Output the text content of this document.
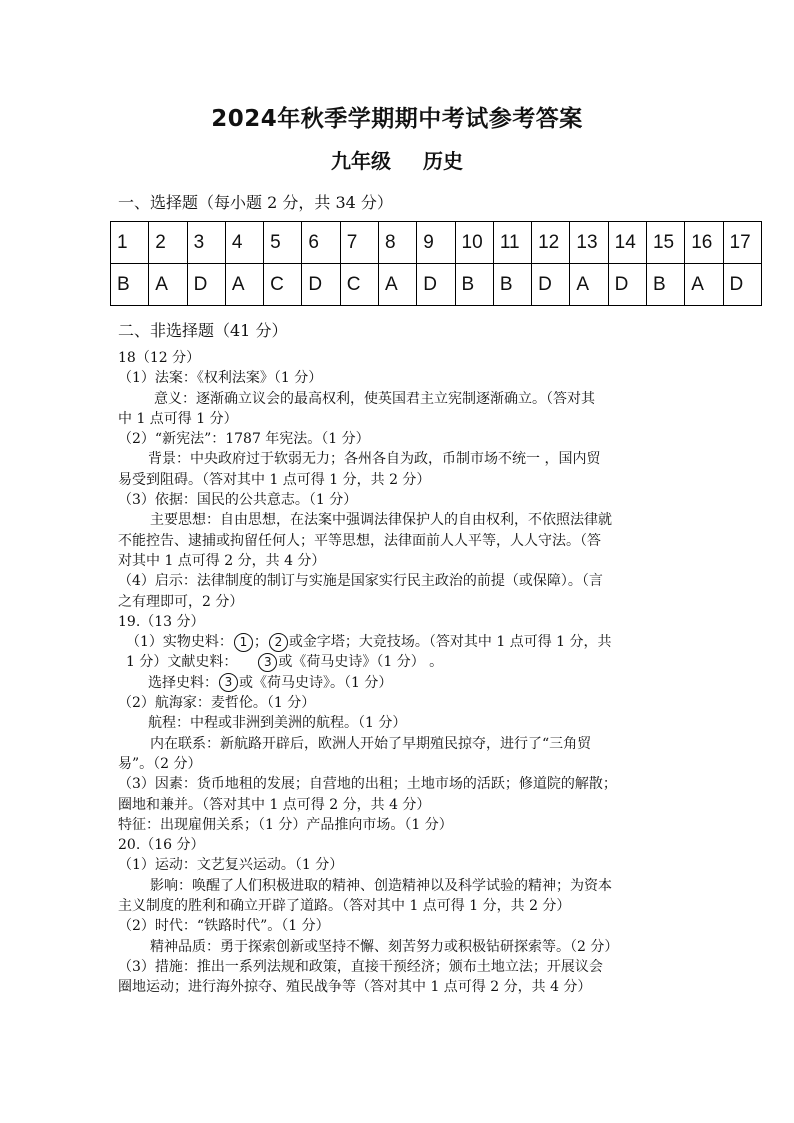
2024年秋季学期期中考试参考答案
九年级 历史
一、选择题（每小题 2 分，共 34 分）
1	2	3	4	5	6	7	8	9	10	11	12	13	14	15	16	17
B	A	D	A	C	D	C	A	D	B	B	D	A	D	B	A	D
二、非选择题（41 分）
18（12 分）
（1）法案：《权利法案》（1 分）
意义：逐渐确立议会的最高权利，使英国君主立宪制逐渐确立。（答对其
中 1 点可得 1 分）
（2）“新宪法”：1787 年宪法。（1 分）
背景：中央政府过于软弱无力；各州各自为政，币制市场不统一 ，国内贸
易受到阻碍。（答对其中 1 点可得 1 分，共 2 分）
（3）依据：国民的公共意志。（1 分）
主要思想：自由思想，在法案中强调法律保护人的自由权利，不依照法律就
不能控告、逮捕或拘留任何人；平等思想，法律面前人人平等，人人守法。（答
对其中 1 点可得 2 分，共 4 分）
（4）启示：法律制度的制订与实施是国家实行民主政治的前提（或保障）。（言
之有理即可，2 分）
19.（13 分）
（1）实物史料： 1 ； 2 或金字塔；大竞技场。（答对其中 1 点可得 1 分，共
1 分）文献史料： 3 或《荷马史诗》（1 分） 。
选择史料： 3 或《荷马史诗》。（1 分）
（2）航海家：麦哲伦。（1 分）
航程：中程或非洲到美洲的航程。（1 分）
内在联系：新航路开辟后，欧洲人开始了早期殖民掠夺，进行了“三角贸
易”。（2 分）
（3）因素：货币地租的发展；自营地的出租；土地市场的活跃；修道院的解散；
圈地和兼并。（答对其中 1 点可得 2 分，共 4 分）
特征：出现雇佣关系；（1 分）产品推向市场。（1 分）
20.（16 分）
（1）运动：文艺复兴运动。（1 分）
影响：唤醒了人们积极进取的精神、创造精神以及科学试验的精神；为资本
主义制度的胜利和确立开辟了道路。（答对其中 1 点可得 1 分，共 2 分）
（2）时代：“铁路时代”。（1 分）
精神品质：勇于探索创新或坚持不懈、刻苦努力或积极钻研探索等。（2 分）
（3）措施：推出一系列法规和政策，直接干预经济；颁布土地立法；开展议会
圈地运动；进行海外掠夺、殖民战争等（答对其中 1 点可得 2 分，共 4 分）
